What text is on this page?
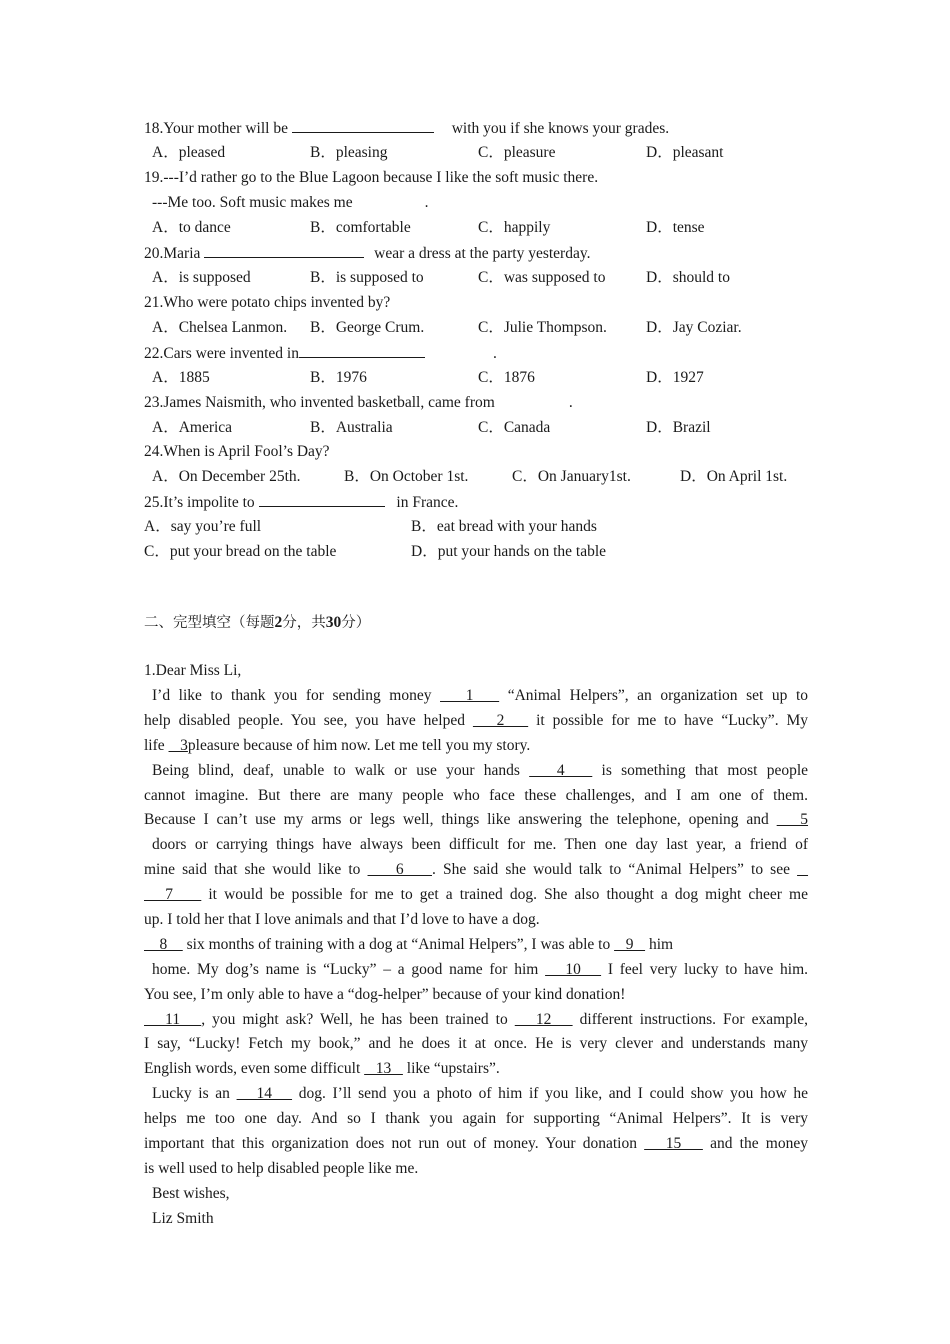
18.Your mother will be	with you if she knows your grades.
A．pleased	B．pleasing	C．pleasure	D．pleasant
19.---I’d rather go to the Blue Lagoon because I like the soft music there.
---Me too. Soft music makes me	.
A．to dance	B．comfortable	C．happily	D．tense
20.Maria	wear a dress at the party yesterday.
A．is supposed	B．is supposed to	C．was supposed to	D．should to
21.Who were potato chips invented by?
A．Chelsea Lanmon. B．George Crum.	C．Julie Thompson.	D．Jay Coziar.
22.Cars were invented in	.
A．1885	B．1976	C．1876	D．1927
23.James Naismith, who invented basketball, came from	.
A．America	B．Australia	C．Canada	D．Brazil
24.When is April Fool’s Day?
A．On December 25th.	B．On October 1st.	C．On January1st.	D．On April 1st.
25.It’s impolite to	in France.
A．say you’re full	B．eat bread with your hands
C．put your bread on the table	D．put your hands on the table
二、完型填空（每题2分，共30分）
1.Dear Miss Li,
I’d like to thank you for sending money    1    “Animal Helpers”, an organization set up to
help disabled people. You see, you have helped    2    it possible for me to have “Lucky”. My
life    3pleasure because of him now. Let me tell you my story.
Being blind, deaf, unable to walk or use your hands    4    is something that most people
cannot imagine. But there are many people who face these challenges, and I am one of them.
Because I can’t use my arms or legs well, things like answering the telephone, opening and    5
doors or carrying things have always been difficult for me. Then one day last year, a friend of
mine said that she would like to     6    . She said she would talk to “Animal Helpers” to see
7     it would be possible for me to get a trained dog. She also thought a dog might cheer me
up. I told her that I love animals and that I’d love to have a dog.
8     six months of training with a dog at “Animal Helpers”, I was able to    9    him
home. My dog’s name is “Lucky” – a good name for him    10    I feel very lucky to have him.
You see, I’m only able to have a “dog-helper” because of your kind donation!
11   , you might ask? Well, he has been trained to    12    different instructions. For example,
I say, “Lucky! Fetch my book,” and he does it at once. He is very clever and understands many
English words, even some difficult    13    like “upstairs”.
Lucky is an    14    dog. I’ll send you a photo of him if you like, and I could show you how he
helps me too one day. And so I thank you again for supporting “Animal Helpers”. It is very
important that this organization does not run out of money. Your donation    15    and the money
is well used to help disabled people like me.
Best wishes,
Liz Smith
